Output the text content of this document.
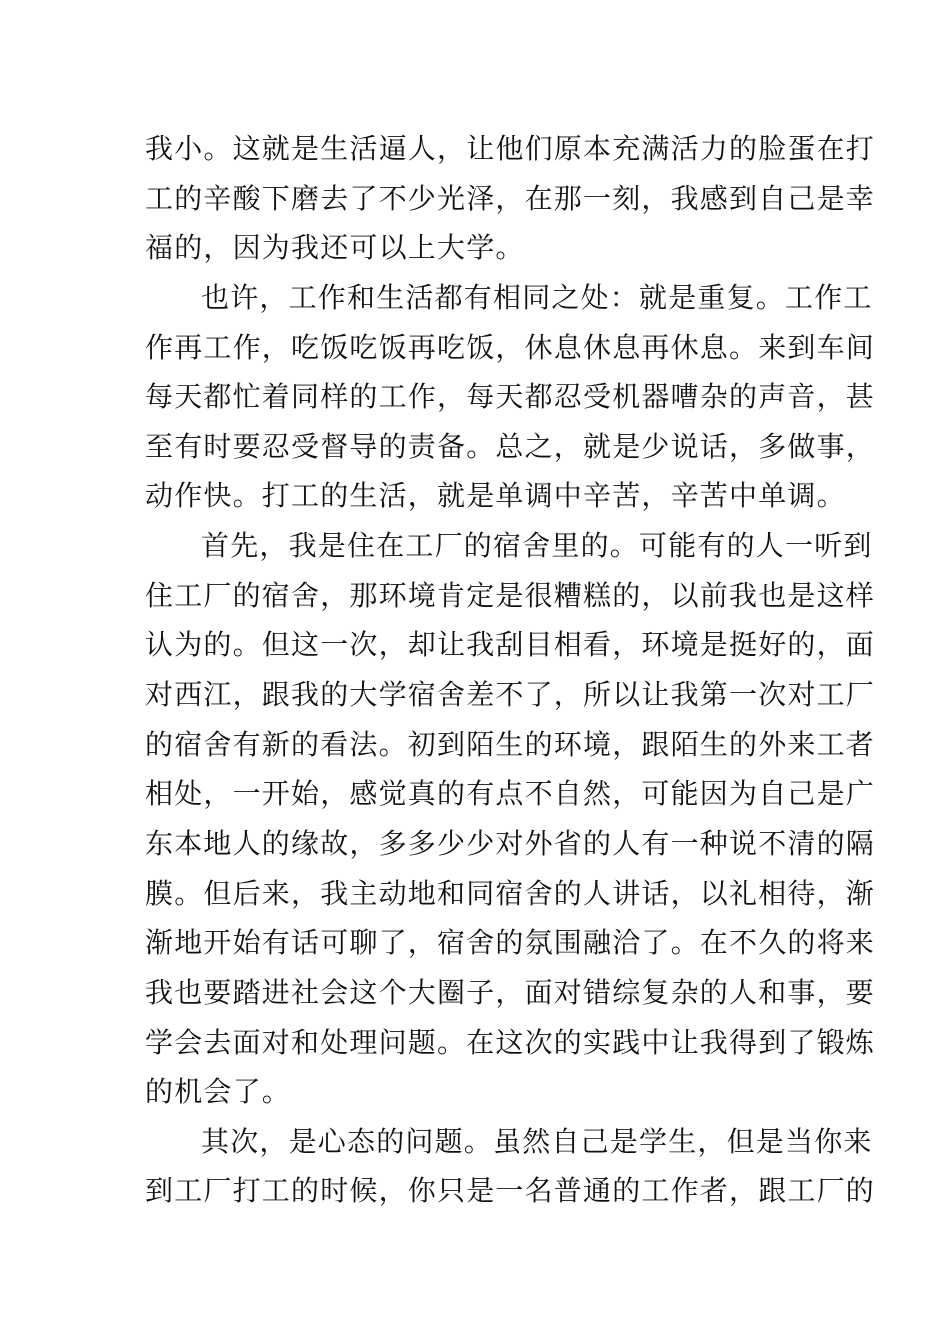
我小。这就是生活逼人，让他们原本充满活力的脸蛋在打
工的辛酸下磨去了不少光泽，在那一刻，我感到自己是幸
福的，因为我还可以上大学。
也许，工作和生活都有相同之处：就是重复。工作工
作再工作，吃饭吃饭再吃饭，休息休息再休息。来到车间
每天都忙着同样的工作，每天都忍受机器嘈杂的声音，甚
至有时要忍受督导的责备。总之，就是少说话，多做事，
动作快。打工的生活，就是单调中辛苦，辛苦中单调。
首先，我是住在工厂的宿舍里的。可能有的人一听到
住工厂的宿舍，那环境肯定是很糟糕的，以前我也是这样
认为的。但这一次，却让我刮目相看，环境是挺好的，面
对西江，跟我的大学宿舍差不了，所以让我第一次对工厂
的宿舍有新的看法。初到陌生的环境，跟陌生的外来工者
相处，一开始，感觉真的有点不自然，可能因为自己是广
东本地人的缘故，多多少少对外省的人有一种说不清的隔
膜。但后来，我主动地和同宿舍的人讲话，以礼相待，渐
渐地开始有话可聊了，宿舍的氛围融洽了。在不久的将来
我也要踏进社会这个大圈子，面对错综复杂的人和事，要
学会去面对和处理问题。在这次的实践中让我得到了锻炼
的机会了。
其次，是心态的问题。虽然自己是学生，但是当你来
到工厂打工的时候，你只是一名普通的工作者，跟工厂的
